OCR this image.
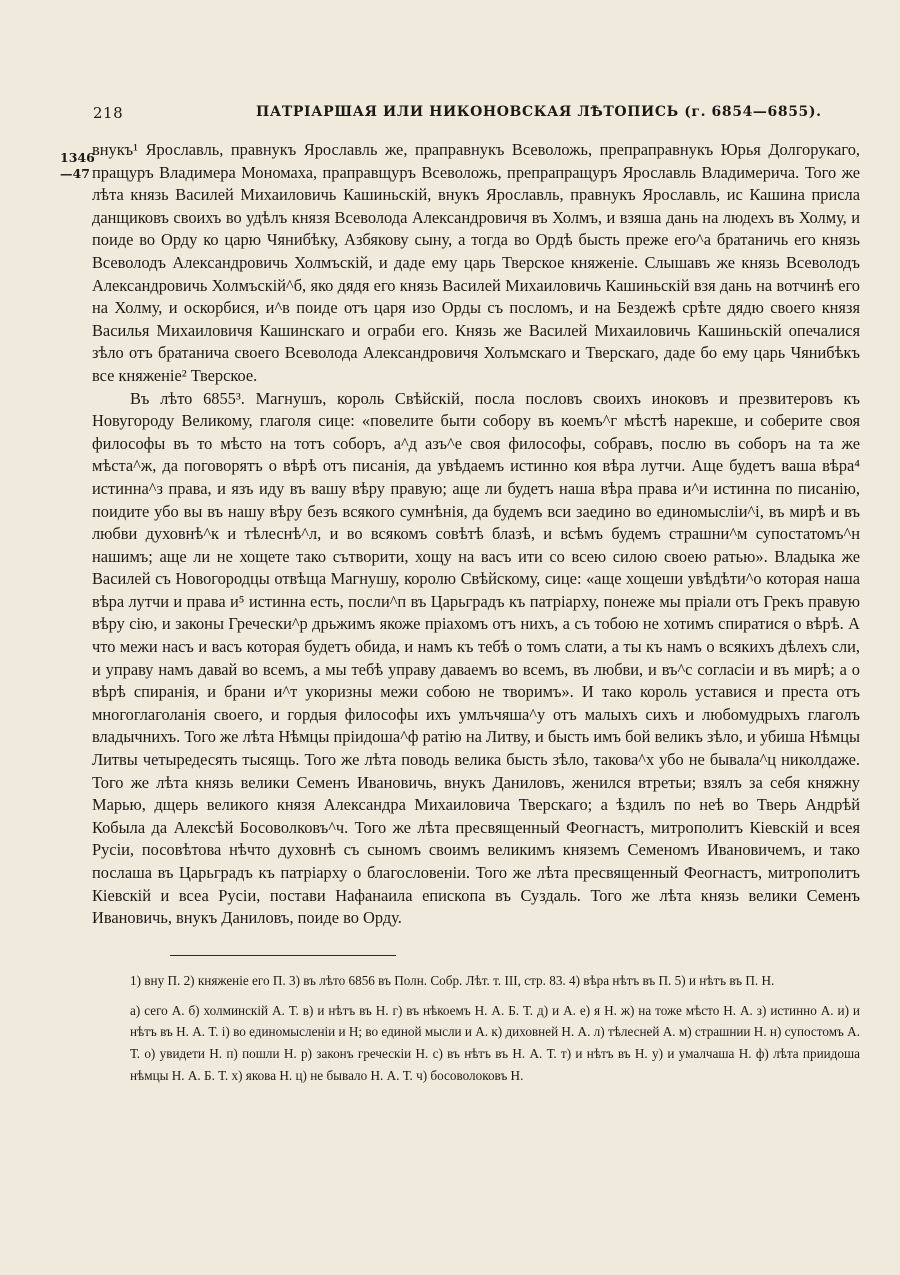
218	ПАТРІАРШАЯ ИЛИ НИКОНОВСКАЯ ЛѢТОПИСЬ (г. 6854—6855).
1346
—47

внукъ¹ Ярославль, правнукъ Ярославль же, праправнукъ Всеволожь, препраправнукъ Юрья Долгорукаго, пращуръ Владимера Мономаха, праправщуръ Всеволожь, препрапращуръ Ярославль Владимерича. Того же лѣта князь Василей Михаиловичь Кашиньскій, внукъ Ярославль, правнукъ Ярославль, ис Кашина присла данщиковъ своихъ во удѣлъ князя Всеволода Александровичя въ Холмъ, и взяша дань на людехъ въ Холму, и поиде во Орду ко царю Чянибѣку, Азбякову сыну, а тогда во Ордѣ бысть преже его^а братаничь его князь Всеволодъ Александровичь Холмъскій, и даде ему царь Тверское княженіе. Слышавъ же князь Всеволодъ Александровичь Холмъскій^б, яко дядя его князь Василей Михаиловичь Кашиньскій взя дань на вотчинѣ его на Холму, и оскорбися, и^в поиде отъ царя изо Орды съ посломъ, и на Бездежѣ срѣте дядю своего князя Василья Михаиловичя Кашинскаго и ограби его. Князь же Василей Михаиловичь Кашиньскій опечалися зѣло отъ братанича своего Всеволода Александровичя Холъмскаго и Тверскаго, даде бо ему царь Чянибѣкъ все княженіе² Тверское.

Въ лѣто 6855³. Магнушъ, король Свѣйскій, посла пословъ своихъ иноковъ и презвитеровъ къ Новугороду Великому, глаголя сице: «повелите быти собору въ коемъ^г мѣстѣ нарекше, и соберите своя философы въ то мѣсто на тотъ соборъ, а^д азъ^е своя философы, собравъ, послю въ соборъ на та же мѣста^ж, да поговорятъ о вѣрѣ отъ писанія, да увѣдаемъ истинно коя вѣра лутчи. Аще будетъ ваша вѣра⁴ истинна^з права, и язъ иду въ вашу вѣру правую; аще ли будетъ наша вѣра права и^и истинна по писанію, поидите убо вы въ нашу вѣру безъ всякого сумнѣнія, да будемъ вси заедино во единомысліи^і, въ мирѣ и въ любви духовнѣ^к и тѣлеснѣ^л, и во всякомъ совѣтѣ блазѣ, и всѣмъ будемъ страшни^м супостатомъ^н нашимъ; аще ли не хощете тако сътворити, хощу на васъ ити со всею силою своею ратью». Владыка же Василей съ Новогородцы отвѣща Магнушу, королю Свѣйскому, сице: «аще хощеши увѣдѣти^о которая наша вѣра лутчи и права и⁵ истинна есть, посли^п въ Царьградъ къ патріарху, понеже мы пріали отъ Грекъ правую вѣру сію, и законы Гречески^р дрьжимъ якоже пріахомъ отъ нихъ, а съ тобою не хотимъ спиратися о вѣрѣ. А что межи насъ и васъ которая будетъ обида, и намъ къ тебѣ о томъ слати, а ты къ намъ о всякихъ дѣлехъ сли, и управу намъ давай во всемъ, а мы тебѣ управу даваемъ во всемъ, въ любви, и въ^с согласіи и въ мирѣ; а о вѣрѣ спиранія, и брани и^т укоризны межи собою не творимъ». И тако король уставися и преста отъ многоглаголанія своего, и гордыя философы ихъ умлъчяша^у отъ малыхъ сихъ и любомудрыхъ глаголъ владычнихъ. Того же лѣта Нѣмцы пріидоша^ф ратію на Литву, и бысть имъ бой великъ зѣло, и убиша Нѣмцы Литвы четыредесять тысящь. Того же лѣта поводь велика бысть зѣло, такова^х убо не бывала^ц николдаже. Того же лѣта князь велики Семенъ Ивановичь, внукъ Даниловъ, женился втретьи; взялъ за себя княжну Марью, дщерь великого князя Александра Михаиловича Тверскаго; а ѣздилъ по неѣ во Тверь Андрѣй Кобыла да Алексѣй Босоволковъ^ч. Того же лѣта пресвященный Феогнастъ, митрополитъ Кіевскій и всея Русіи, посовѣтова нѣчто духовнѣ съ сыномъ своимъ великимъ княземъ Семеномъ Ивановичемъ, и тако послаша въ Царьградъ къ патріарху о благословеніи. Того же лѣта пресвященный Феогнастъ, митрополитъ Кіевскій и всеа Русіи, постави Нафанаила епископа въ Суздаль. Того же лѣта князь велики Семенъ Ивановичь, внукъ Даниловъ, поиде во Орду.

1) вну П. 2) княженіе его П. 3) въ лѣто 6856 въ Полн. Собр. Лѣт. т. III, стр. 83. 4) вѣра нѣтъ въ П. 5) и нѣтъ въ П. Н.

а) сего А. б) холминскій А. Т. в) и нѣтъ въ Н. г) въ нѣкоемъ Н. А. Б. Т. д) и А. е) я Н. ж) на тоже мѣсто Н. А. з) истинно А. и) и нѣтъ въ Н. А. Т. і) во единомысленіи и Н; во единой мысли и А. к) диховней Н. А. л) тѣлесней А. м) страшнии Н. н) супостомъ А. Т. о) увидети Н. п) пошли Н. р) законъ греческіи Н. с) въ нѣтъ въ Н. А. Т. т) и нѣтъ въ Н. у) и умалчаша Н. ф) лѣта приидоша нѣмцы Н. А. Б. Т. х) якова Н. ц) не бывало Н. А. Т. ч) босоволоковъ Н.
